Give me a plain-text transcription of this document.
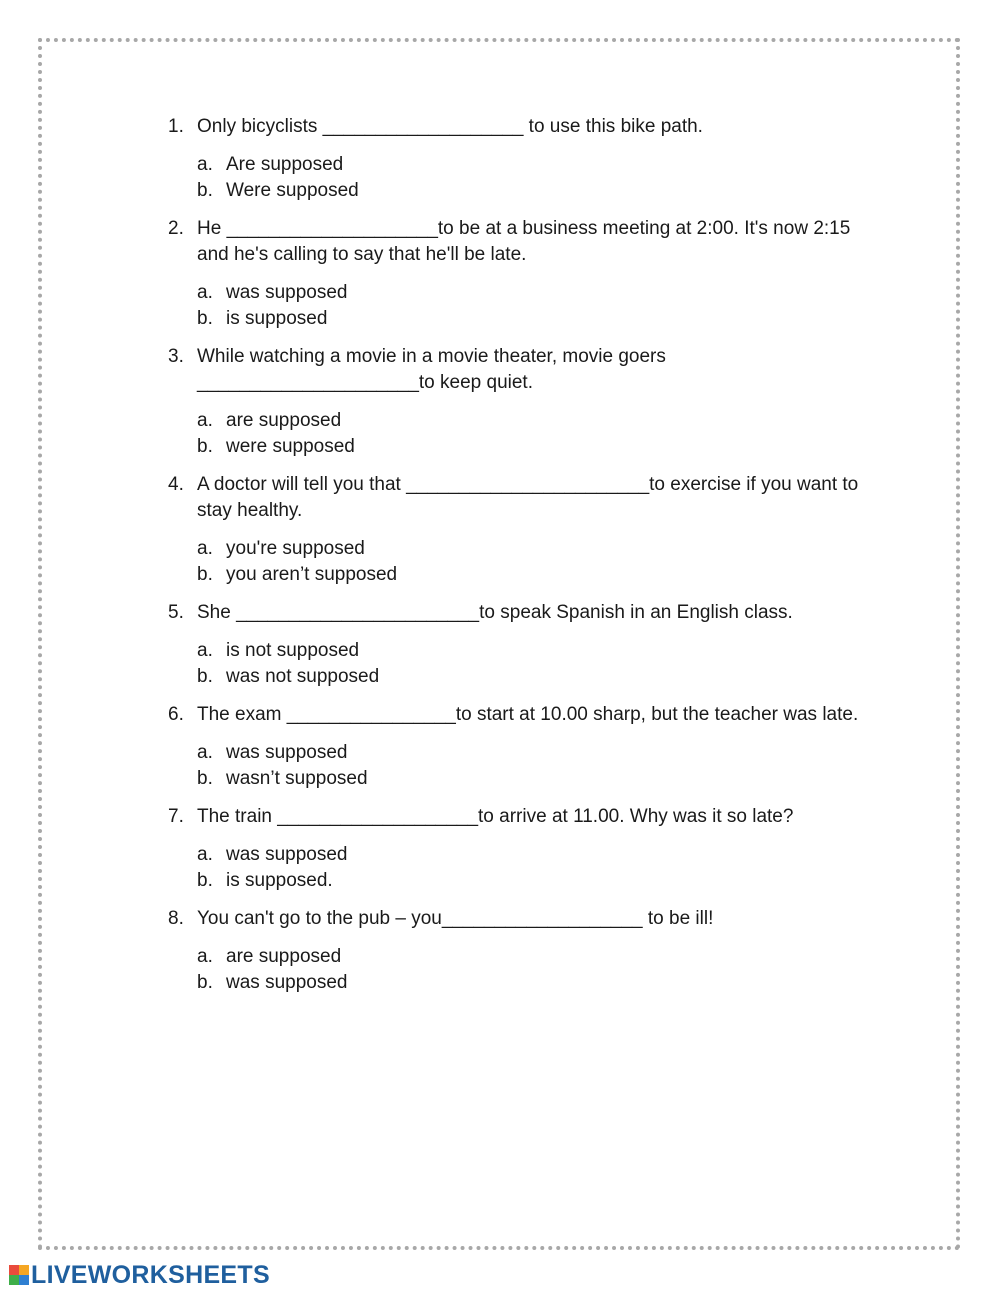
1. Only bicyclists ___________________ to use this bike path.
a. Are supposed
b. Were supposed
2. He ____________________to be at a business meeting at 2:00. It's now 2:15 and he's calling to say that he'll be late.
a. was supposed
b. is supposed
3. While watching a movie in a movie theater, movie goers _____________________to keep quiet.
a. are supposed
b. were supposed
4. A doctor will tell you that _______________________to exercise if you want to stay healthy.
a. you're supposed
b. you aren’t supposed
5. She _______________________to speak Spanish in an English class.
a. is not supposed
b. was not supposed
6. The exam ________________to start at 10.00 sharp, but the teacher was late.
a. was supposed
b. wasn’t supposed
7. The train ___________________to arrive at 11.00. Why was it so late?
a. was supposed
b. is supposed.
8. You can't go to the pub – you___________________ to be ill!
a. are supposed
b. was supposed
LIVEWORKSHEETS
